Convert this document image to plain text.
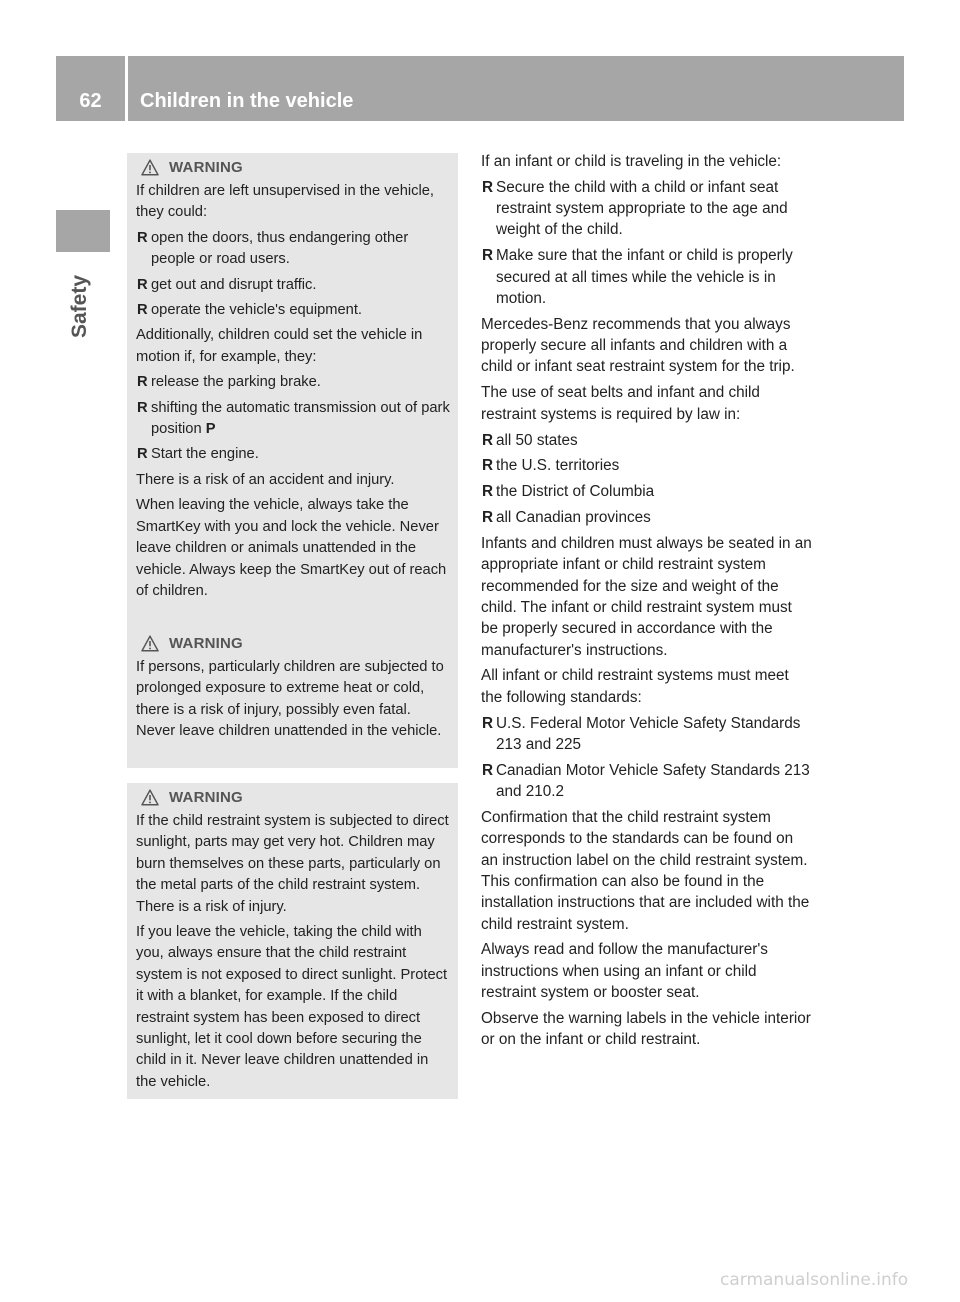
62	Children in the vehicle
Safety
WARNING
If children are left unsupervised in the vehicle, they could:
R open the doors, thus endangering other people or road users.
R get out and disrupt traffic.
R operate the vehicle's equipment.
Additionally, children could set the vehicle in motion if, for example, they:
R release the parking brake.
R shifting the automatic transmission out of park position P
R Start the engine.
There is a risk of an accident and injury.
When leaving the vehicle, always take the SmartKey with you and lock the vehicle. Never leave children or animals unattended in the vehicle. Always keep the SmartKey out of reach of children.
WARNING
If persons, particularly children are subjected to prolonged exposure to extreme heat or cold, there is a risk of injury, possibly even fatal. Never leave children unattended in the vehicle.
WARNING
If the child restraint system is subjected to direct sunlight, parts may get very hot. Children may burn themselves on these parts, particularly on the metal parts of the child restraint system. There is a risk of injury.
If you leave the vehicle, taking the child with you, always ensure that the child restraint system is not exposed to direct sunlight. Protect it with a blanket, for example. If the child restraint system has been exposed to direct sunlight, let it cool down before securing the child in it. Never leave children unattended in the vehicle.
If an infant or child is traveling in the vehicle:
R Secure the child with a child or infant seat restraint system appropriate to the age and weight of the child.
R Make sure that the infant or child is properly secured at all times while the vehicle is in motion.
Mercedes-Benz recommends that you always properly secure all infants and children with a child or infant seat restraint system for the trip.
The use of seat belts and infant and child restraint systems is required by law in:
R all 50 states
R the U.S. territories
R the District of Columbia
R all Canadian provinces
Infants and children must always be seated in an appropriate infant or child restraint system recommended for the size and weight of the child. The infant or child restraint system must be properly secured in accordance with the manufacturer's instructions.
All infant or child restraint systems must meet the following standards:
R U.S. Federal Motor Vehicle Safety Standards 213 and 225
R Canadian Motor Vehicle Safety Standards 213 and 210.2
Confirmation that the child restraint system corresponds to the standards can be found on an instruction label on the child restraint system. This confirmation can also be found in the installation instructions that are included with the child restraint system.
Always read and follow the manufacturer's instructions when using an infant or child restraint system or booster seat.
Observe the warning labels in the vehicle interior or on the infant or child restraint.
carmanualsonline.info
